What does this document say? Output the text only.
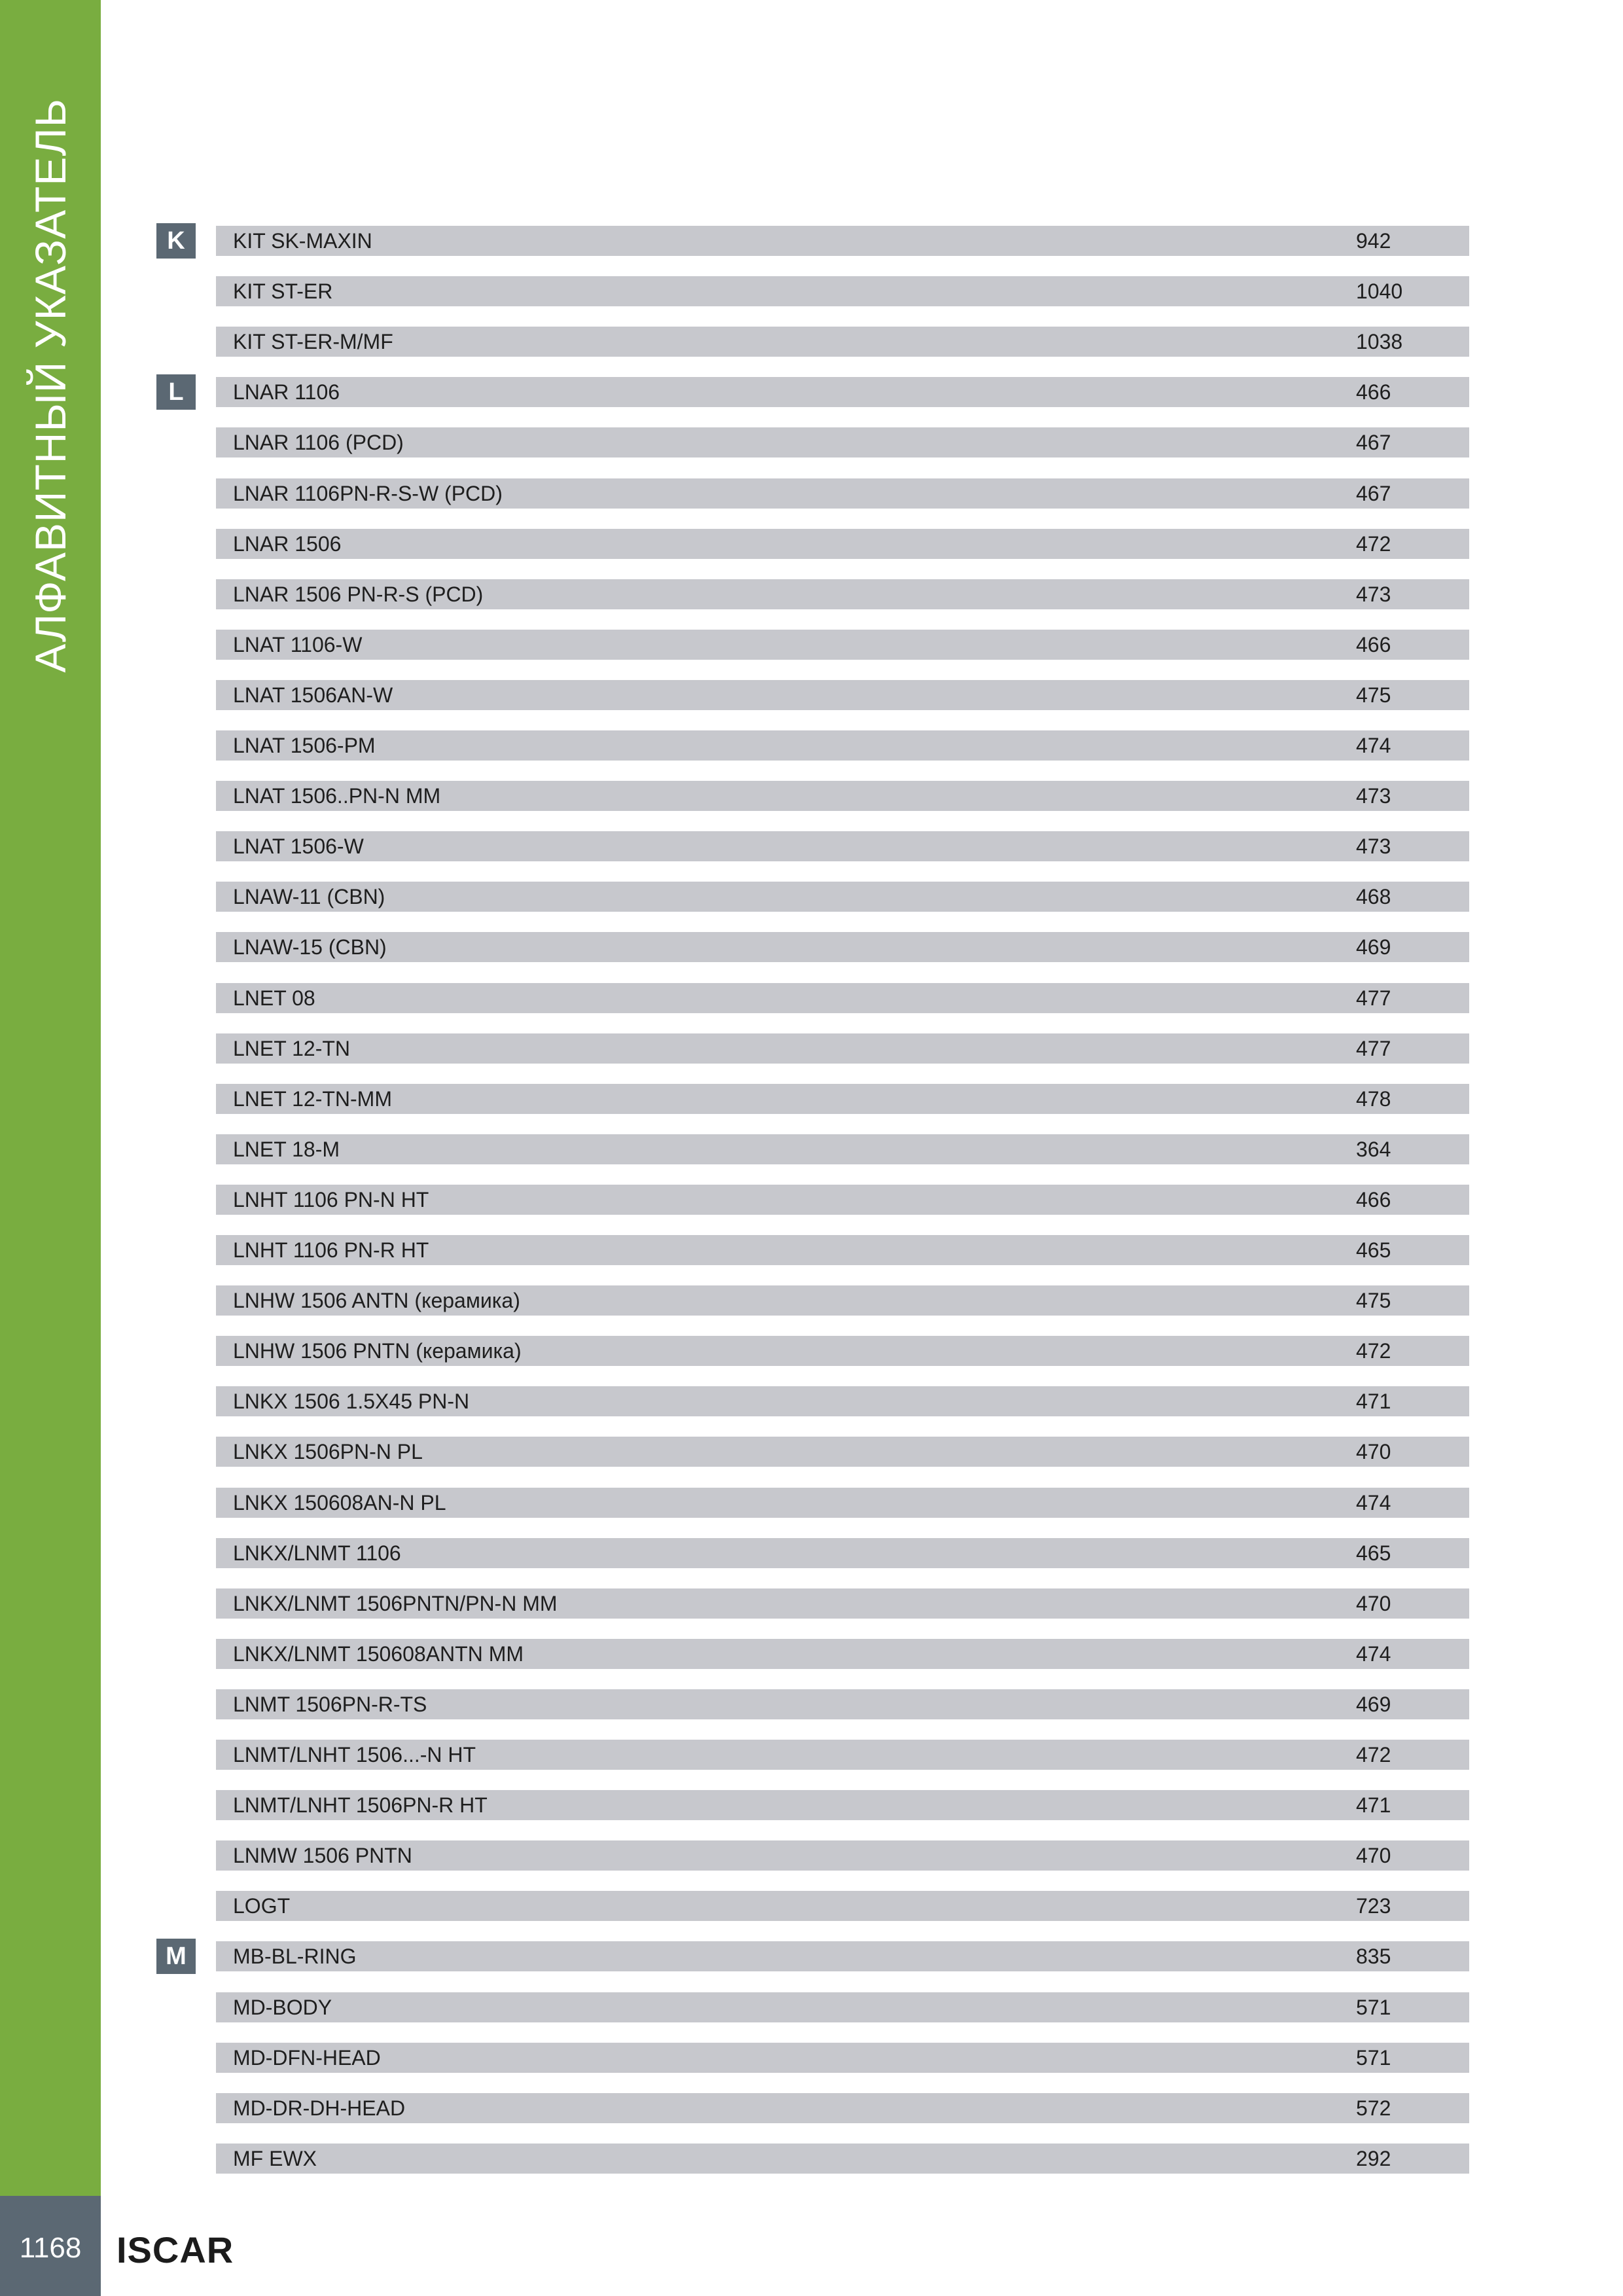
АЛФАВИТНЫЙ УКАЗАТЕЛЬ
1168 ISCAR
KIT SK-MAXIN	942
KIT ST-ER	1040
KIT ST-ER-M/MF	1038
LNAR 1106	466
LNAR 1106 (PCD)	467
LNAR 1106PN-R-S-W (PCD)	467
LNAR 1506	472
LNAR 1506 PN-R-S (PCD)	473
LNAT 1106-W	466
LNAT 1506AN-W	475
LNAT 1506-PM	474
LNAT 1506..PN-N MM	473
LNAT 1506-W	473
LNAW-11 (CBN)	468
LNAW-15 (CBN)	469
LNET 08	477
LNET 12-TN	477
LNET 12-TN-MM	478
LNET 18-M	364
LNHT 1106 PN-N HT	466
LNHT 1106 PN-R HT	465
LNHW 1506 ANTN (керамика)	475
LNHW 1506 PNTN (керамика)	472
LNKX 1506 1.5X45 PN-N	471
LNKX 1506PN-N PL	470
LNKX 150608AN-N PL	474
LNKX/LNMT 1106	465
LNKX/LNMT 1506PNTN/PN-N MM	470
LNKX/LNMT 150608ANTN MM	474
LNMT 1506PN-R-TS	469
LNMT/LNHT 1506...-N HT	472
LNMT/LNHT 1506PN-R HT	471
LNMW 1506 PNTN	470
LOGT	723
MB-BL-RING	835
MD-BODY	571
MD-DFN-HEAD	571
MD-DR-DH-HEAD	572
MF EWX	292
K
L
M
